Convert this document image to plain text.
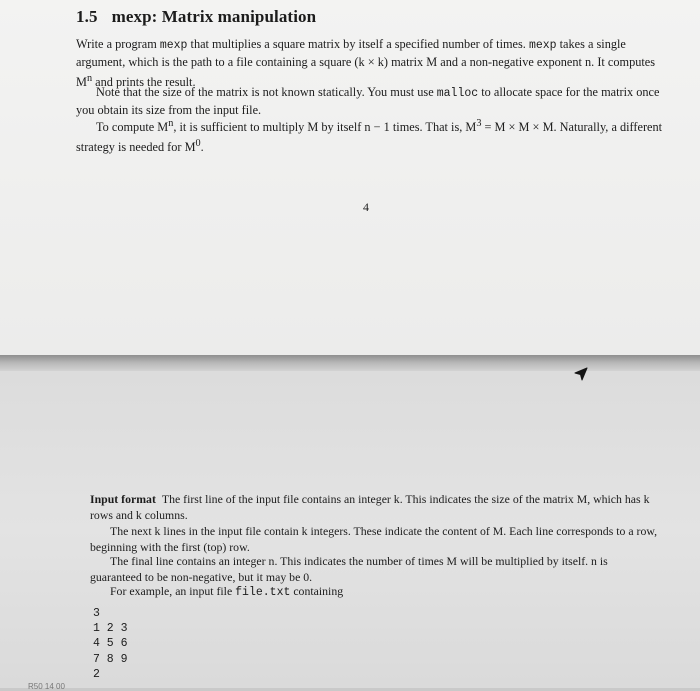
1.5 mexp: Matrix manipulation

Write a program mexp that multiplies a square matrix by itself a specified number of times. mexp takes a single argument, which is the path to a file containing a square (k × k) matrix M and a non-negative exponent n. It computes $M^n$ and prints the result.

Note that the size of the matrix is not known statically. You must use malloc to allocate space for the matrix once you obtain its size from the input file.

To compute $M^n$, it is sufficient to multiply M by itself n − 1 times. That is, $M^3 = M \times M \times M$. Naturally, a different strategy is needed for $M^0$.

4

Input format The first line of the input file contains an integer k. This indicates the size of the matrix M, which has k rows and k columns.

The next k lines in the input file contain k integers. These indicate the content of M. Each line corresponds to a row, beginning with the first (top) row.

The final line contains an integer n. This indicates the number of times M will be multiplied by itself. n is guaranteed to be non-negative, but it may be 0.

For example, an input file file.txt containing

3
1 2 3
4 5 6
7 8 9
2
R50 14 00
